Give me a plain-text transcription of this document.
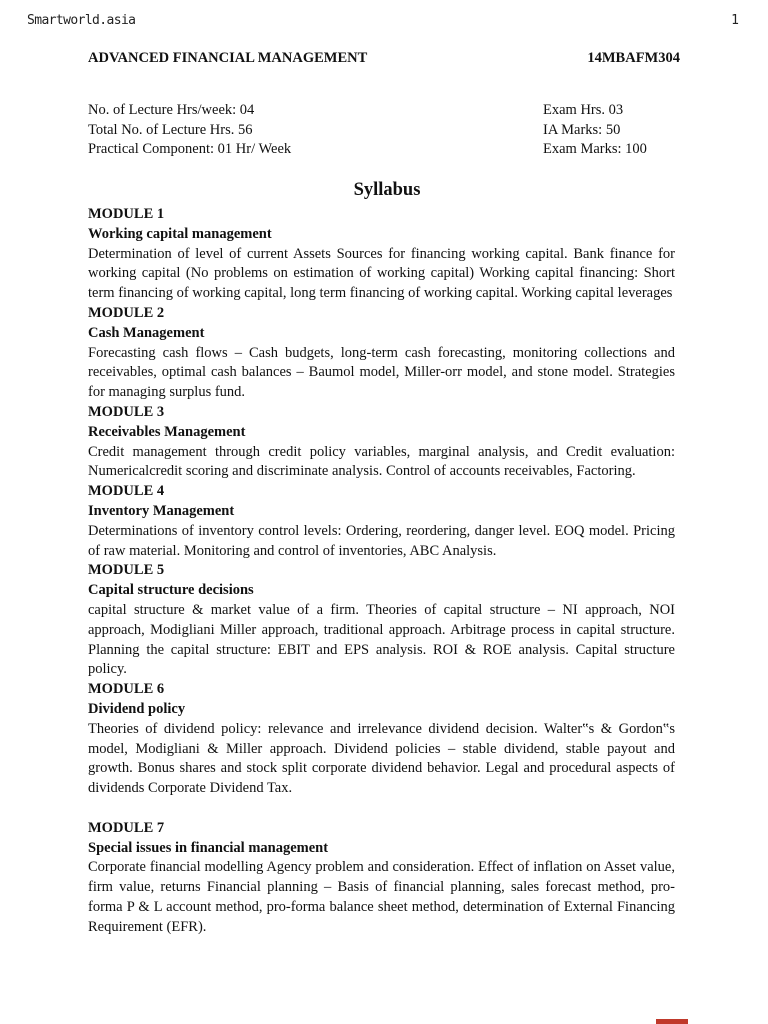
Smartworld.asia	1
ADVANCED FINANCIAL MANAGEMENT	14MBAFM304
No. of Lecture Hrs/week: 04
Total No. of Lecture Hrs. 56
Practical Component: 01 Hr/ Week
Exam Hrs. 03
IA Marks: 50
Exam Marks: 100
Syllabus
MODULE 1
Working capital management
Determination of level of current Assets Sources for financing working capital. Bank finance for working capital (No problems on estimation of working capital) Working capital financing: Short term financing of working capital, long term financing of working capital. Working capital leverages
MODULE 2
Cash Management
Forecasting cash flows – Cash budgets, long-term cash forecasting, monitoring collections and receivables, optimal cash balances – Baumol model, Miller-orr model, and stone model. Strategies for managing surplus fund.
MODULE 3
Receivables Management
Credit management through credit policy variables, marginal analysis, and Credit evaluation: Numericalcredit scoring and discriminate analysis. Control of accounts receivables, Factoring.
MODULE 4
Inventory Management
Determinations of inventory control levels: Ordering, reordering, danger level. EOQ model. Pricing of raw material. Monitoring and control of inventories, ABC Analysis.
MODULE 5
Capital structure decisions
capital structure & market value of a firm. Theories of capital structure – NI approach, NOI approach, Modigliani Miller approach, traditional approach. Arbitrage process in capital structure. Planning the capital structure: EBIT and EPS analysis. ROI & ROE analysis. Capital structure policy.
MODULE 6
Dividend policy
Theories of dividend policy: relevance and irrelevance dividend decision. Walter‟s & Gordon‟s model, Modigliani & Miller approach. Dividend policies – stable dividend, stable payout and growth. Bonus shares and stock split corporate dividend behavior. Legal and procedural aspects of dividends Corporate Dividend Tax.
MODULE 7
Special issues in financial management
Corporate financial modelling Agency problem and consideration. Effect of inflation on Asset value, firm value, returns Financial planning – Basis of financial planning, sales forecast method, pro-forma P & L account method, pro-forma balance sheet method, determination of External Financing Requirement (EFR).
